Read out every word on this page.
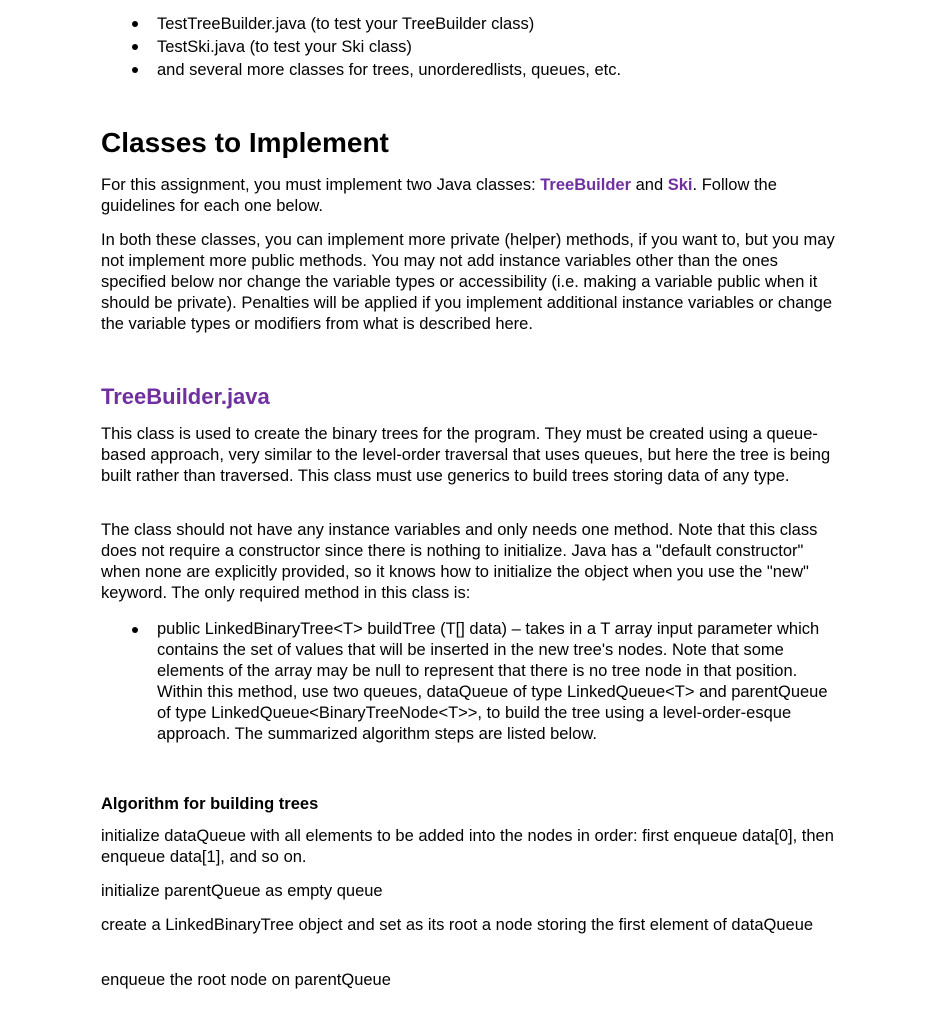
TestTreeBuilder.java (to test your TreeBuilder class)
TestSki.java (to test your Ski class)
and several more classes for trees, unorderedlists, queues, etc.
Classes to Implement

For this assignment, you must implement two Java classes: TreeBuilder and Ski. Follow the guidelines for each one below.

In both these classes, you can implement more private (helper) methods, if you want to, but you may not implement more public methods. You may not add instance variables other than the ones specified below nor change the variable types or accessibility (i.e. making a variable public when it should be private). Penalties will be applied if you implement additional instance variables or change the variable types or modifiers from what is described here.

TreeBuilder.java

This class is used to create the binary trees for the program. They must be created using a queue-based approach, very similar to the level-order traversal that uses queues, but here the tree is being built rather than traversed. This class must use generics to build trees storing data of any type.

The class should not have any instance variables and only needs one method. Note that this class does not require a constructor since there is nothing to initialize. Java has a "default constructor" when none are explicitly provided, so it knows how to initialize the object when you use the "new" keyword. The only required method in this class is:

public LinkedBinaryTree<T> buildTree (T[] data) – takes in a T array input parameter which contains the set of values that will be inserted in the new tree's nodes. Note that some elements of the array may be null to represent that there is no tree node in that position. Within this method, use two queues, dataQueue of type LinkedQueue<T> and parentQueue of type LinkedQueue<BinaryTreeNode<T>>, to build the tree using a level-order-esque approach. The summarized algorithm steps are listed below.
Algorithm for building trees

initialize dataQueue with all elements to be added into the nodes in order: first enqueue data[0], then enqueue data[1], and so on.

initialize parentQueue as empty queue

create a LinkedBinaryTree object and set as its root a node storing the first element of dataQueue

enqueue the root node on parentQueue
